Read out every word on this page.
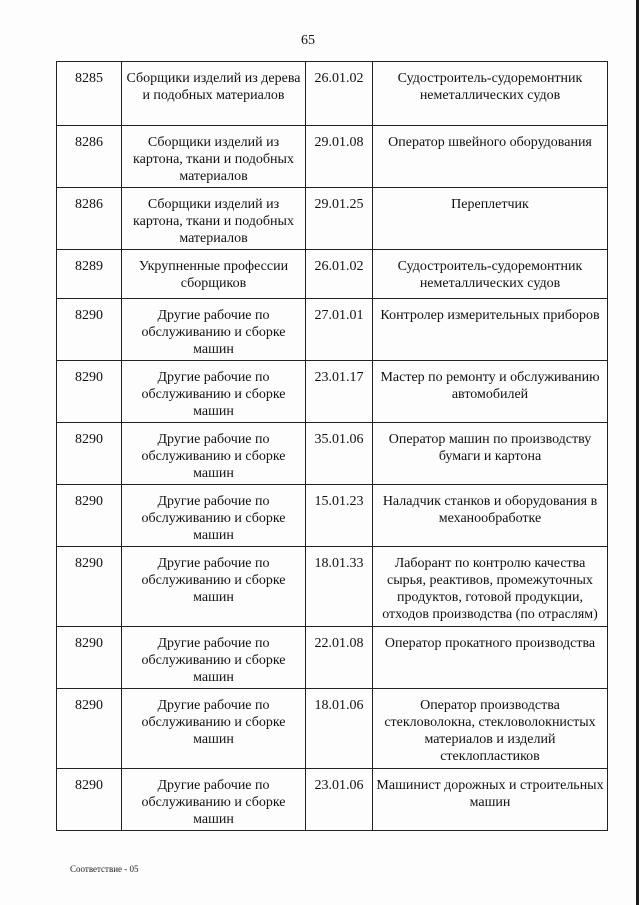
65
8285	Сборщики изделий из дерева и подобных материалов	26.01.02	Судостроитель-судоремонтник неметаллических судов
8286	Сборщики изделий из картона, ткани и подобных материалов	29.01.08	Оператор швейного оборудования
8286	Сборщики изделий из картона, ткани и подобных материалов	29.01.25	Переплетчик
8289	Укрупненные профессии сборщиков	26.01.02	Судостроитель-судоремонтник неметаллических судов
8290	Другие рабочие по обслуживанию и сборке машин	27.01.01	Контролер измерительных приборов
8290	Другие рабочие по обслуживанию и сборке машин	23.01.17	Мастер по ремонту и обслуживанию автомобилей
8290	Другие рабочие по обслуживанию и сборке машин	35.01.06	Оператор машин по производству бумаги и картона
8290	Другие рабочие по обслуживанию и сборке машин	15.01.23	Наладчик станков и оборудования в механообработке
8290	Другие рабочие по обслуживанию и сборке машин	18.01.33	Лаборант по контролю качества сырья, реактивов, промежуточных продуктов, готовой продукции, отходов производства (по отраслям)
8290	Другие рабочие по обслуживанию и сборке машин	22.01.08	Оператор прокатного производства
8290	Другие рабочие по обслуживанию и сборке машин	18.01.06	Оператор производства стекловолокна, стекловолокнистых материалов и изделий стеклопластиков
8290	Другие рабочие по обслуживанию и сборке машин	23.01.06	Машинист дорожных и строительных машин
Соответствие - 05
